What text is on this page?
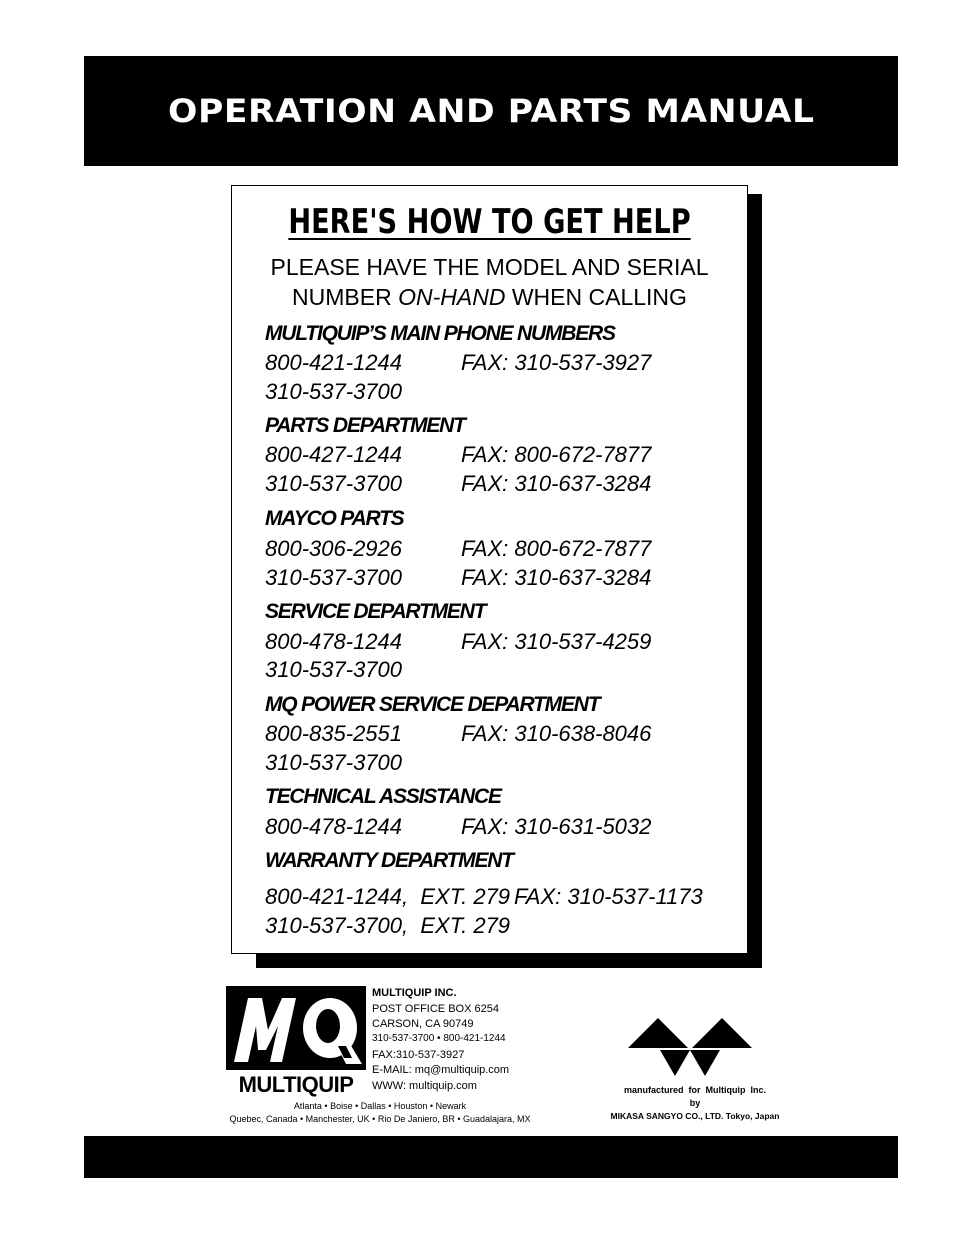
OPERATION AND PARTS MANUAL
HERE'S HOW TO GET HELP
PLEASE HAVE THE MODEL AND SERIAL
NUMBER ON-HAND WHEN CALLING
MULTIQUIP’S MAIN PHONE NUMBERS
800-421-1244	FAX: 310-537-3927
310-537-3700
PARTS DEPARTMENT
800-427-1244	FAX: 800-672-7877
310-537-3700	FAX: 310-637-3284
MAYCO PARTS
800-306-2926	FAX: 800-672-7877
310-537-3700	FAX: 310-637-3284
SERVICE DEPARTMENT
800-478-1244	FAX: 310-537-4259
310-537-3700
MQ POWER SERVICE DEPARTMENT
800-835-2551	FAX: 310-638-8046
310-537-3700
TECHNICAL ASSISTANCE
800-478-1244	FAX: 310-631-5032
WARRANTY DEPARTMENT
800-421-1244,  EXT. 279 FAX: 310-537-1173
310-537-3700,  EXT. 279
MULTIQUIP
MULTIQUIP INC.
POST OFFICE BOX 6254
CARSON, CA 90749
310-537-3700 • 800-421-1244
FAX:310-537-3927
E-MAIL: mq@multiquip.com
WWW: multiquip.com
Atlanta • Boise • Dallas • Houston • Newark
Quebec, Canada • Manchester, UK • Rio De Janiero, BR • Guadalajara, MX
manufactured  for  Multiquip  Inc.
by
MIKASA SANGYO CO., LTD. Tokyo, Japan
